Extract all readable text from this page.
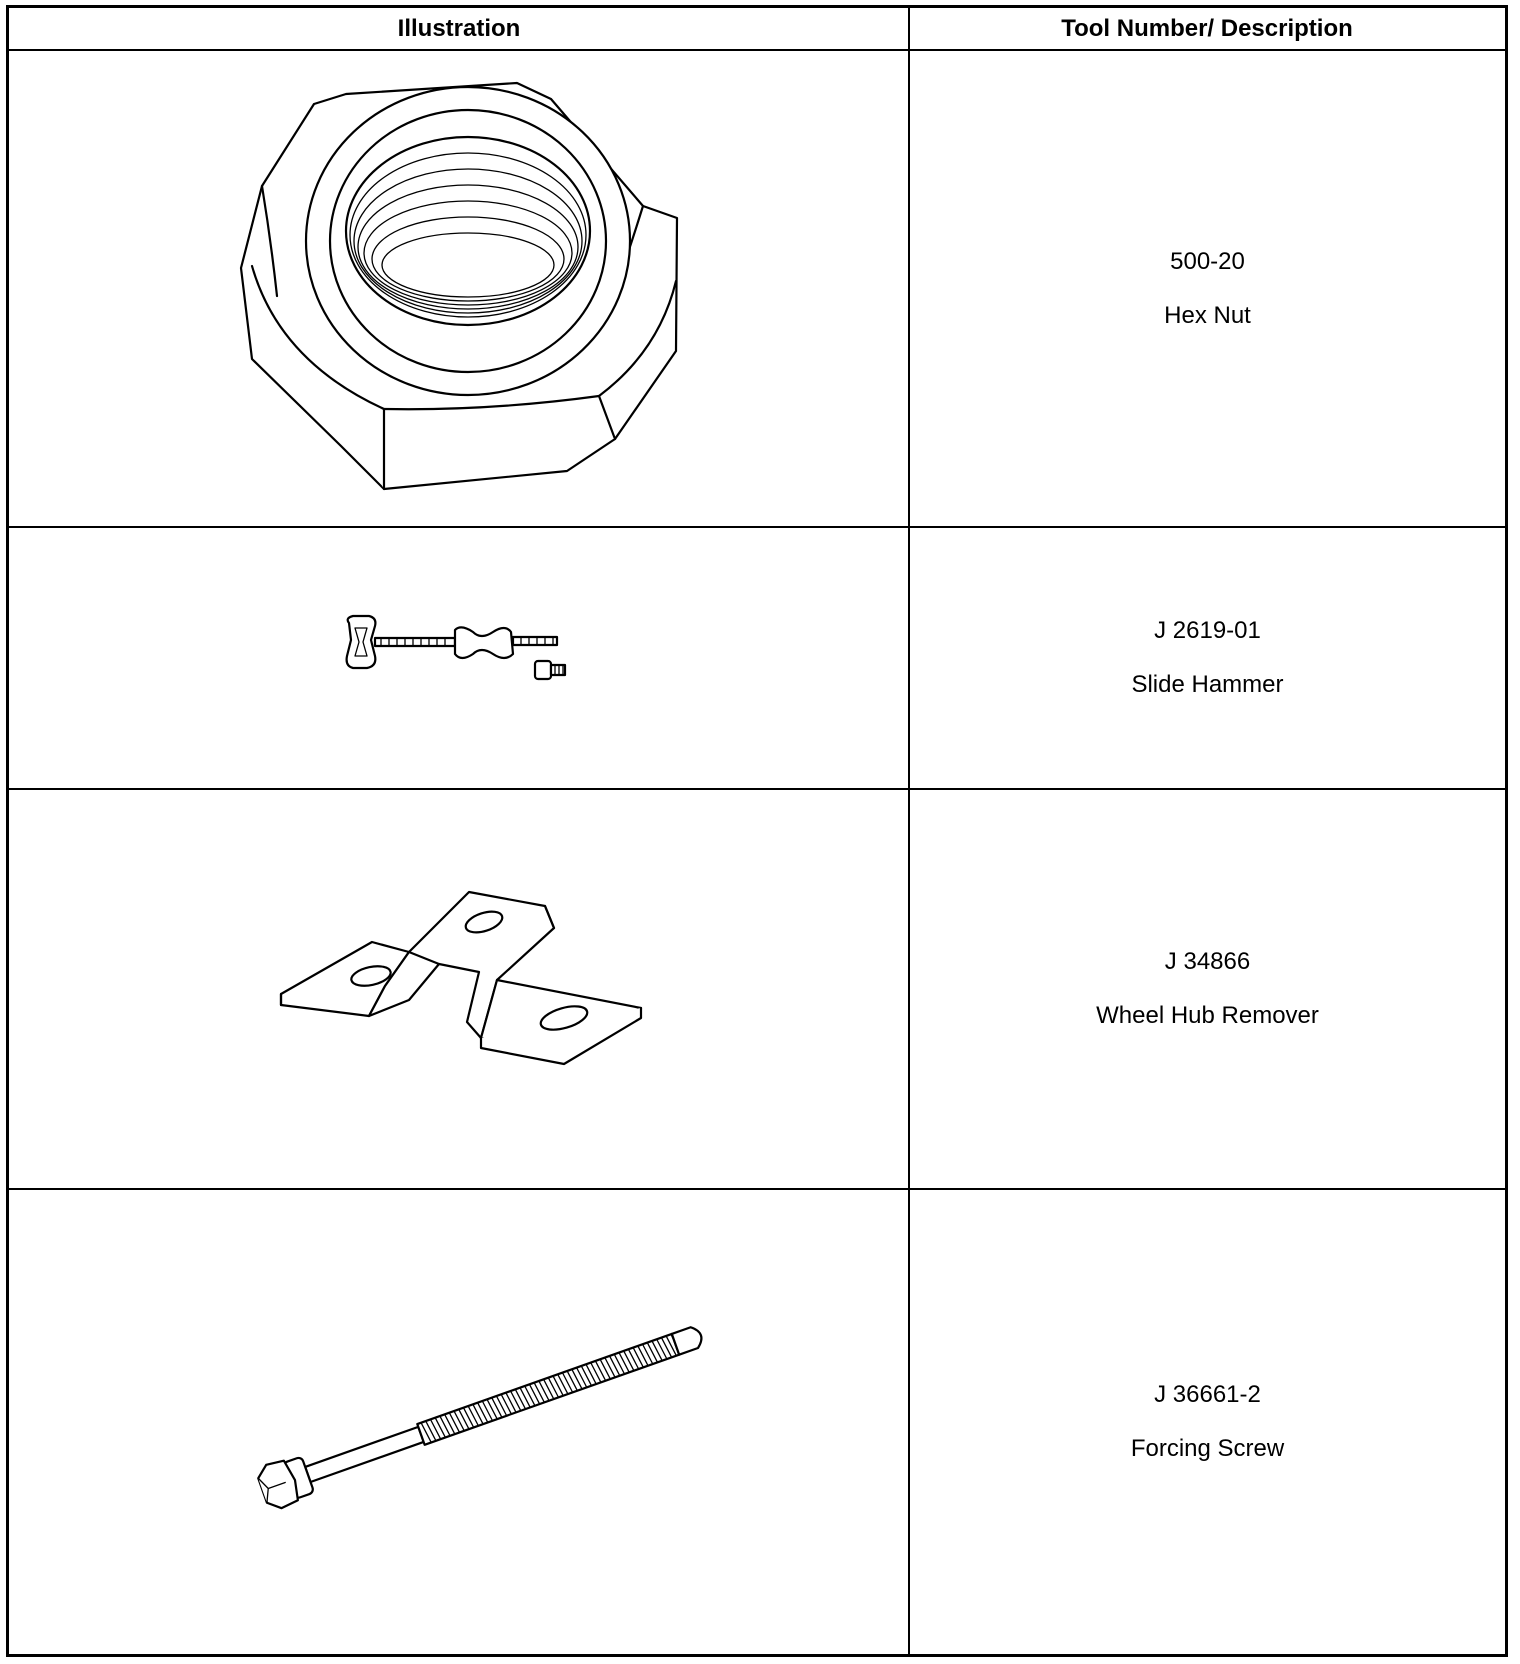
Illustration	Tool Number/ Description
500-20
Hex Nut
J 2619-01
Slide Hammer
J 34866
Wheel Hub Remover
J 36661-2
Forcing Screw
